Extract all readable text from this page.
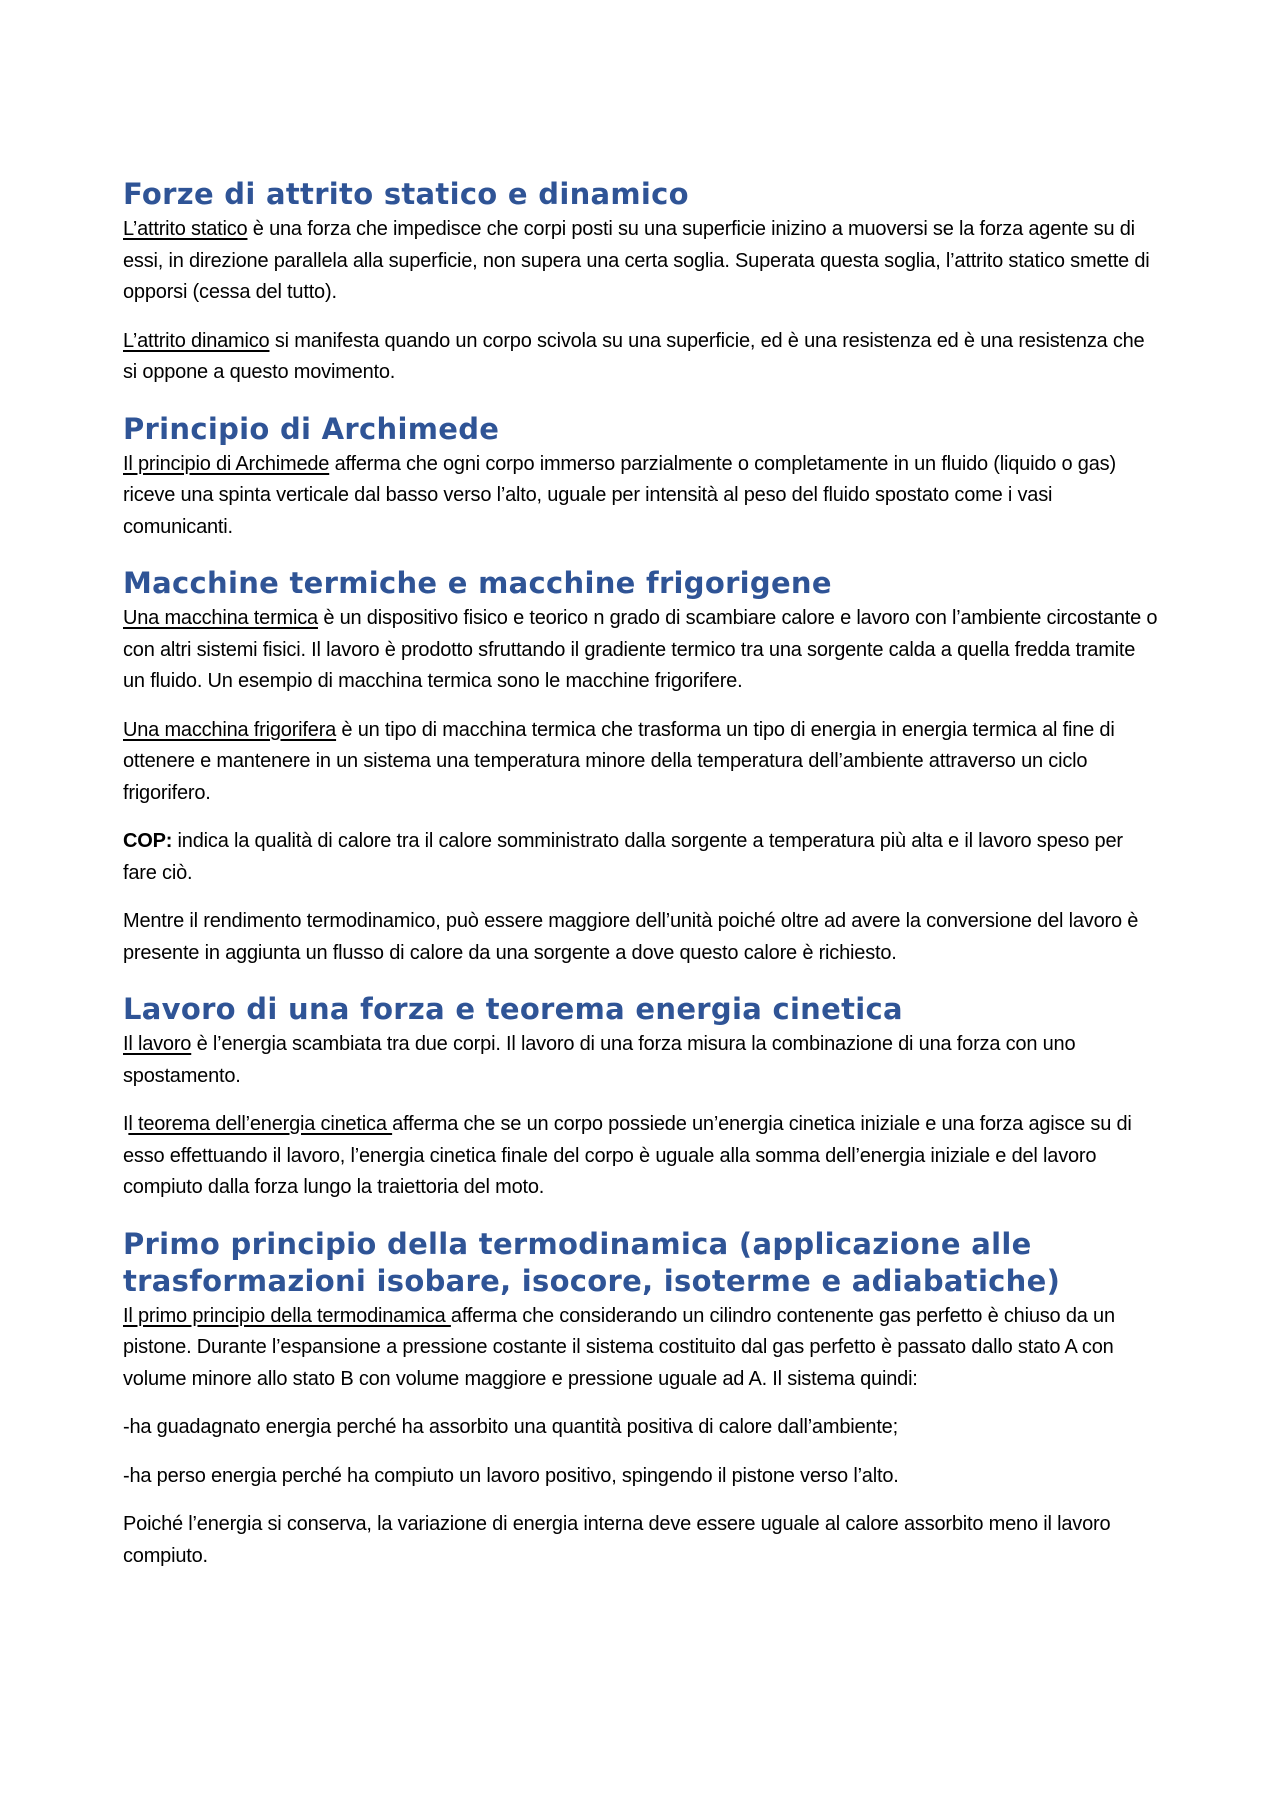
Forze di attrito statico e dinamico

L’attrito statico è una forza che impedisce che corpi posti su una superficie inizino a muoversi se la forza agente su di essi, in direzione parallela alla superficie, non supera una certa soglia. Superata questa soglia, l’attrito statico smette di opporsi (cessa del tutto).

L’attrito dinamico si manifesta quando un corpo scivola su una superficie, ed è una resistenza ed è una resistenza che si oppone a questo movimento.

Principio di Archimede

Il principio di Archimede afferma che ogni corpo immerso parzialmente o completamente in un fluido (liquido o gas) riceve una spinta verticale dal basso verso l’alto, uguale per intensità al peso del fluido spostato come i vasi comunicanti.

Macchine termiche e macchine frigorigene

Una macchina termica è un dispositivo fisico e teorico n grado di scambiare calore e lavoro con l’ambiente circostante o con altri sistemi fisici. Il lavoro è prodotto sfruttando il gradiente termico tra una sorgente calda a quella fredda tramite un fluido. Un esempio di macchina termica sono le macchine frigorifere.

Una macchina frigorifera è un tipo di macchina termica che trasforma un tipo di energia in energia termica al fine di ottenere e mantenere in un sistema una temperatura minore della temperatura dell’ambiente attraverso un ciclo frigorifero.

COP: indica la qualità di calore tra il calore somministrato dalla sorgente a temperatura più alta e il lavoro speso per fare ciò.

Mentre il rendimento termodinamico, può essere maggiore dell’unità poiché oltre ad avere la conversione del lavoro è presente in aggiunta un flusso di calore da una sorgente a dove questo calore è richiesto.

Lavoro di una forza e teorema energia cinetica

Il lavoro è l’energia scambiata tra due corpi. Il lavoro di una forza misura la combinazione di una forza con uno spostamento.

Il teorema dell’energia cinetica afferma che se un corpo possiede un’energia cinetica iniziale e una forza agisce su di esso effettuando il lavoro, l’energia cinetica finale del corpo è uguale alla somma dell’energia iniziale e del lavoro compiuto dalla forza lungo la traiettoria del moto.

Primo principio della termodinamica (applicazione alle trasformazioni isobare, isocore, isoterme e adiabatiche)

Il primo principio della termodinamica afferma che considerando un cilindro contenente gas perfetto è chiuso da un pistone. Durante l’espansione a pressione costante il sistema costituito dal gas perfetto è passato dallo stato A con volume minore allo stato B con volume maggiore e pressione uguale ad A. Il sistema quindi:

-ha guadagnato energia perché ha assorbito una quantità positiva di calore dall’ambiente;

-ha perso energia perché ha compiuto un lavoro positivo, spingendo il pistone verso l’alto.

Poiché l’energia si conserva, la variazione di energia interna deve essere uguale al calore assorbito meno il lavoro compiuto.
